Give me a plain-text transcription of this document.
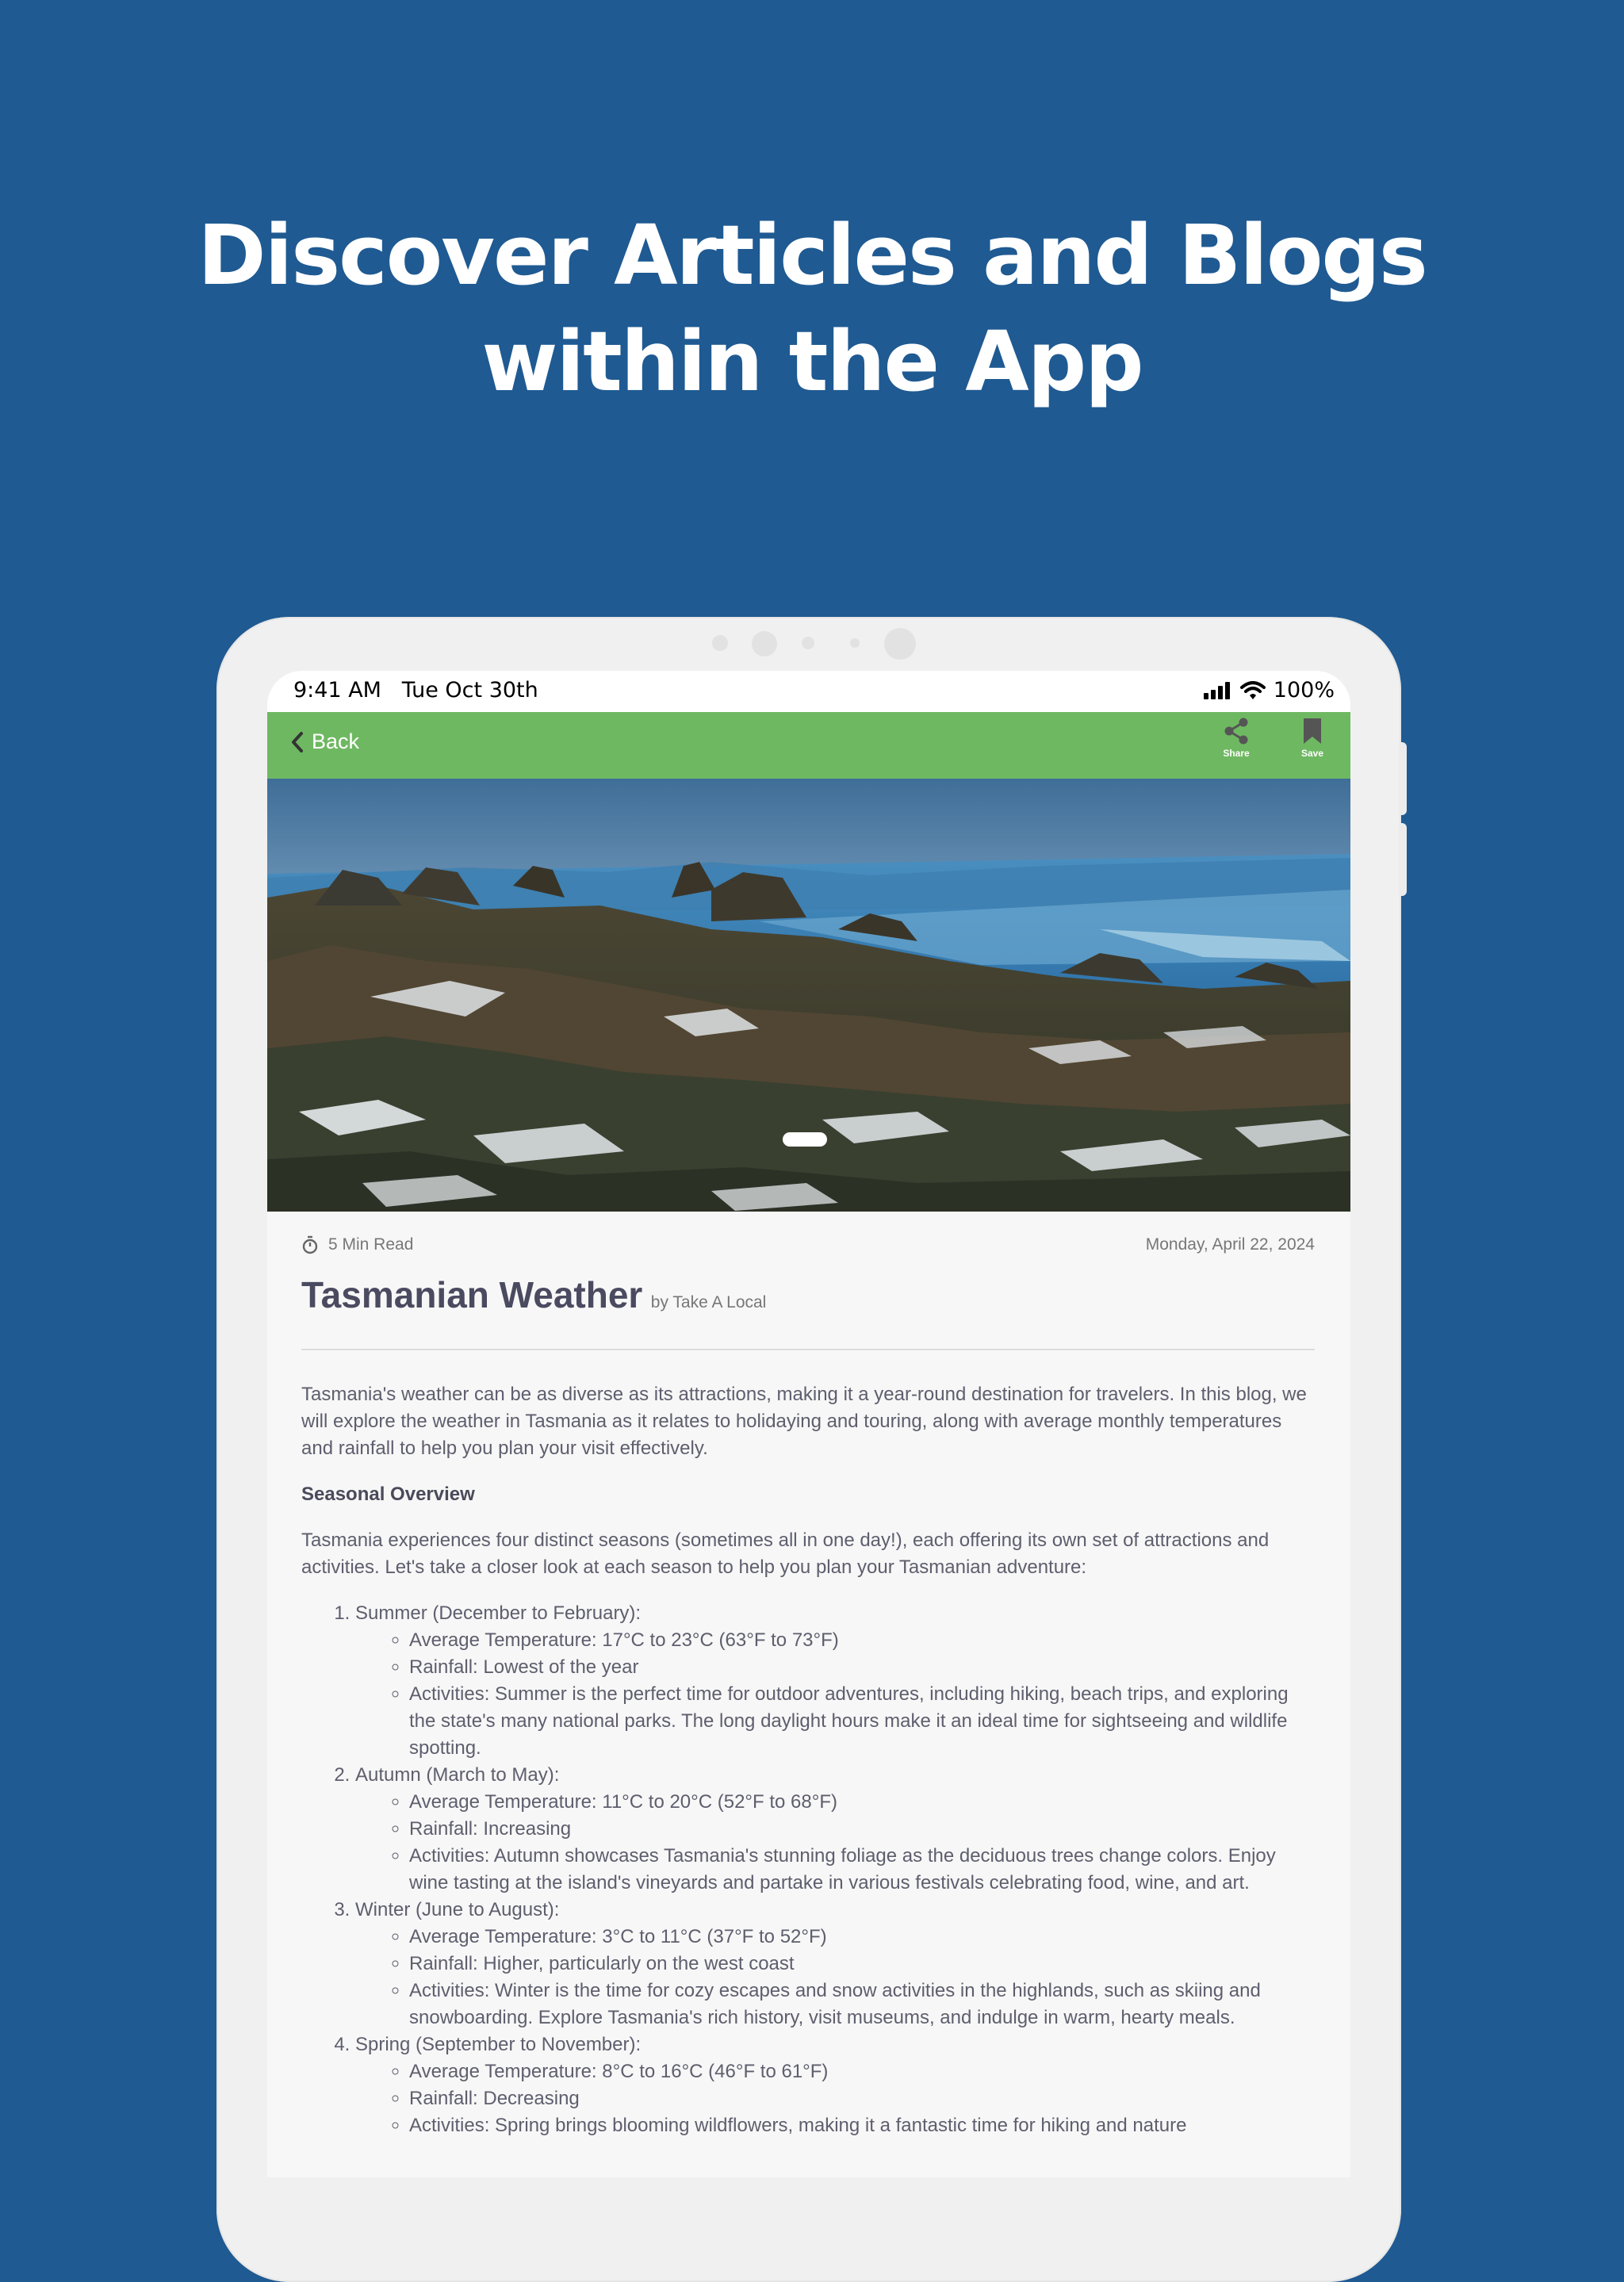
Discover Articles and Blogs
within the App
9:41 AM Tue Oct 30th	100%
Back	Share	Save
5 Min Read	Monday, April 22, 2024
Tasmanian Weather by Take A Local

Tasmania's weather can be as diverse as its attractions, making it a year-round destination for travelers. In this blog, we will explore the weather in Tasmania as it relates to holidaying and touring, along with average monthly temperatures and rainfall to help you plan your visit effectively.

Seasonal Overview

Tasmania experiences four distinct seasons (sometimes all in one day!), each offering its own set of attractions and activities. Let's take a closer look at each season to help you plan your Tasmanian adventure:

1. Summer (December to February):
◦ Average Temperature: 17°C to 23°C (63°F to 73°F)
◦ Rainfall: Lowest of the year
◦ Activities: Summer is the perfect time for outdoor adventures, including hiking, beach trips, and exploring the state's many national parks. The long daylight hours make it an ideal time for sightseeing and wildlife spotting.
2. Autumn (March to May):
◦ Average Temperature: 11°C to 20°C (52°F to 68°F)
◦ Rainfall: Increasing
◦ Activities: Autumn showcases Tasmania's stunning foliage as the deciduous trees change colors. Enjoy wine tasting at the island's vineyards and partake in various festivals celebrating food, wine, and art.
3. Winter (June to August):
◦ Average Temperature: 3°C to 11°C (37°F to 52°F)
◦ Rainfall: Higher, particularly on the west coast
◦ Activities: Winter is the time for cozy escapes and snow activities in the highlands, such as skiing and snowboarding. Explore Tasmania's rich history, visit museums, and indulge in warm, hearty meals.
4. Spring (September to November):
◦ Average Temperature: 8°C to 16°C (46°F to 61°F)
◦ Rainfall: Decreasing
◦ Activities: Spring brings blooming wildflowers, making it a fantastic time for hiking and nature
